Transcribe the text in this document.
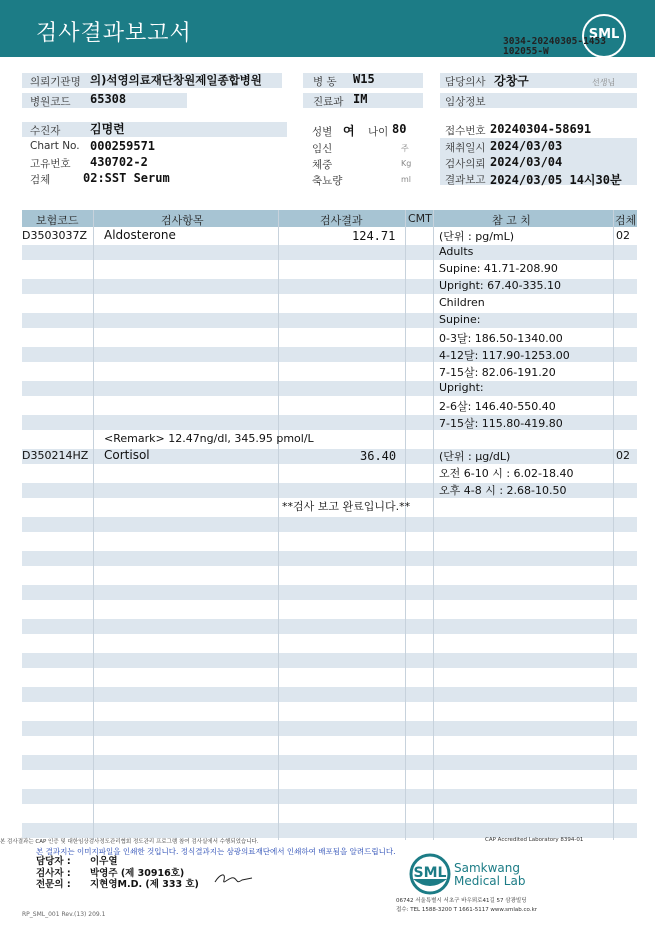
검사결과보고서	SML
3034-20240305-1453
102055-W
의뢰기관명 의)석영의료재단창원제일종합병원
병원코드 65308
수진자 김명련
Chart No. 000259571
고유번호 430702-2
검체	02:SST Serum
병 동 W15
진료과 IM
성별 여 나이 80
임신	주
체중	Kg
축뇨량	ml
담당의사 강창구	선생님
임상정보
접수번호 20240304-58691
채취일시 2024/03/03
검사의뢰 2024/03/04
결과보고 2024/03/05 14시30분
보험코드	검사항목	검사결과	CMT	참 고 치	검체
D3503037Z Aldosterone	124.71	(단위 : pg/mL)	02
Adults
Supine: 41.71-208.90
Upright: 67.40-335.10
Children
Supine:
0-3달: 186.50-1340.00
4-12달: 117.90-1253.00
7-15살: 82.06-191.20
Upright:
2-6살: 146.40-550.40
7-15살: 115.80-419.80
<Remark> 12.47ng/dl, 345.95 pmol/L
D350214HZ Cortisol	36.40	(단위 : μg/dL)	02
오전 6-10 시 : 6.02-18.40
오후 4-8 시 : 2.68-10.50
**검사 보고 완료입니다.**
본 검사결과는 CAP 인증 및 대한임상검사정도관리협회 정도관리 프로그램 참여 검사실에서 수행되었습니다.	CAP Accredited Laboratory 8394-01
본 결과지는 이미지파일을 인쇄한 것입니다. 정식결과지는 삼광의료재단에서 인쇄하여 배포됨을 알려드립니다.
담당자 : 이우열
검사자 : 박영주 (제 30916호)
전문의 : 지현영M.D. (제 333 호)
SML Samkwang
Medical Lab
06742 서울특별시 서초구 바우뫼로41길 57 삼광빌딩
접수: TEL 1588-3200 T 1661-5117 www.smlab.co.kr
RP_SML_001 Rev.(13) 209.1
